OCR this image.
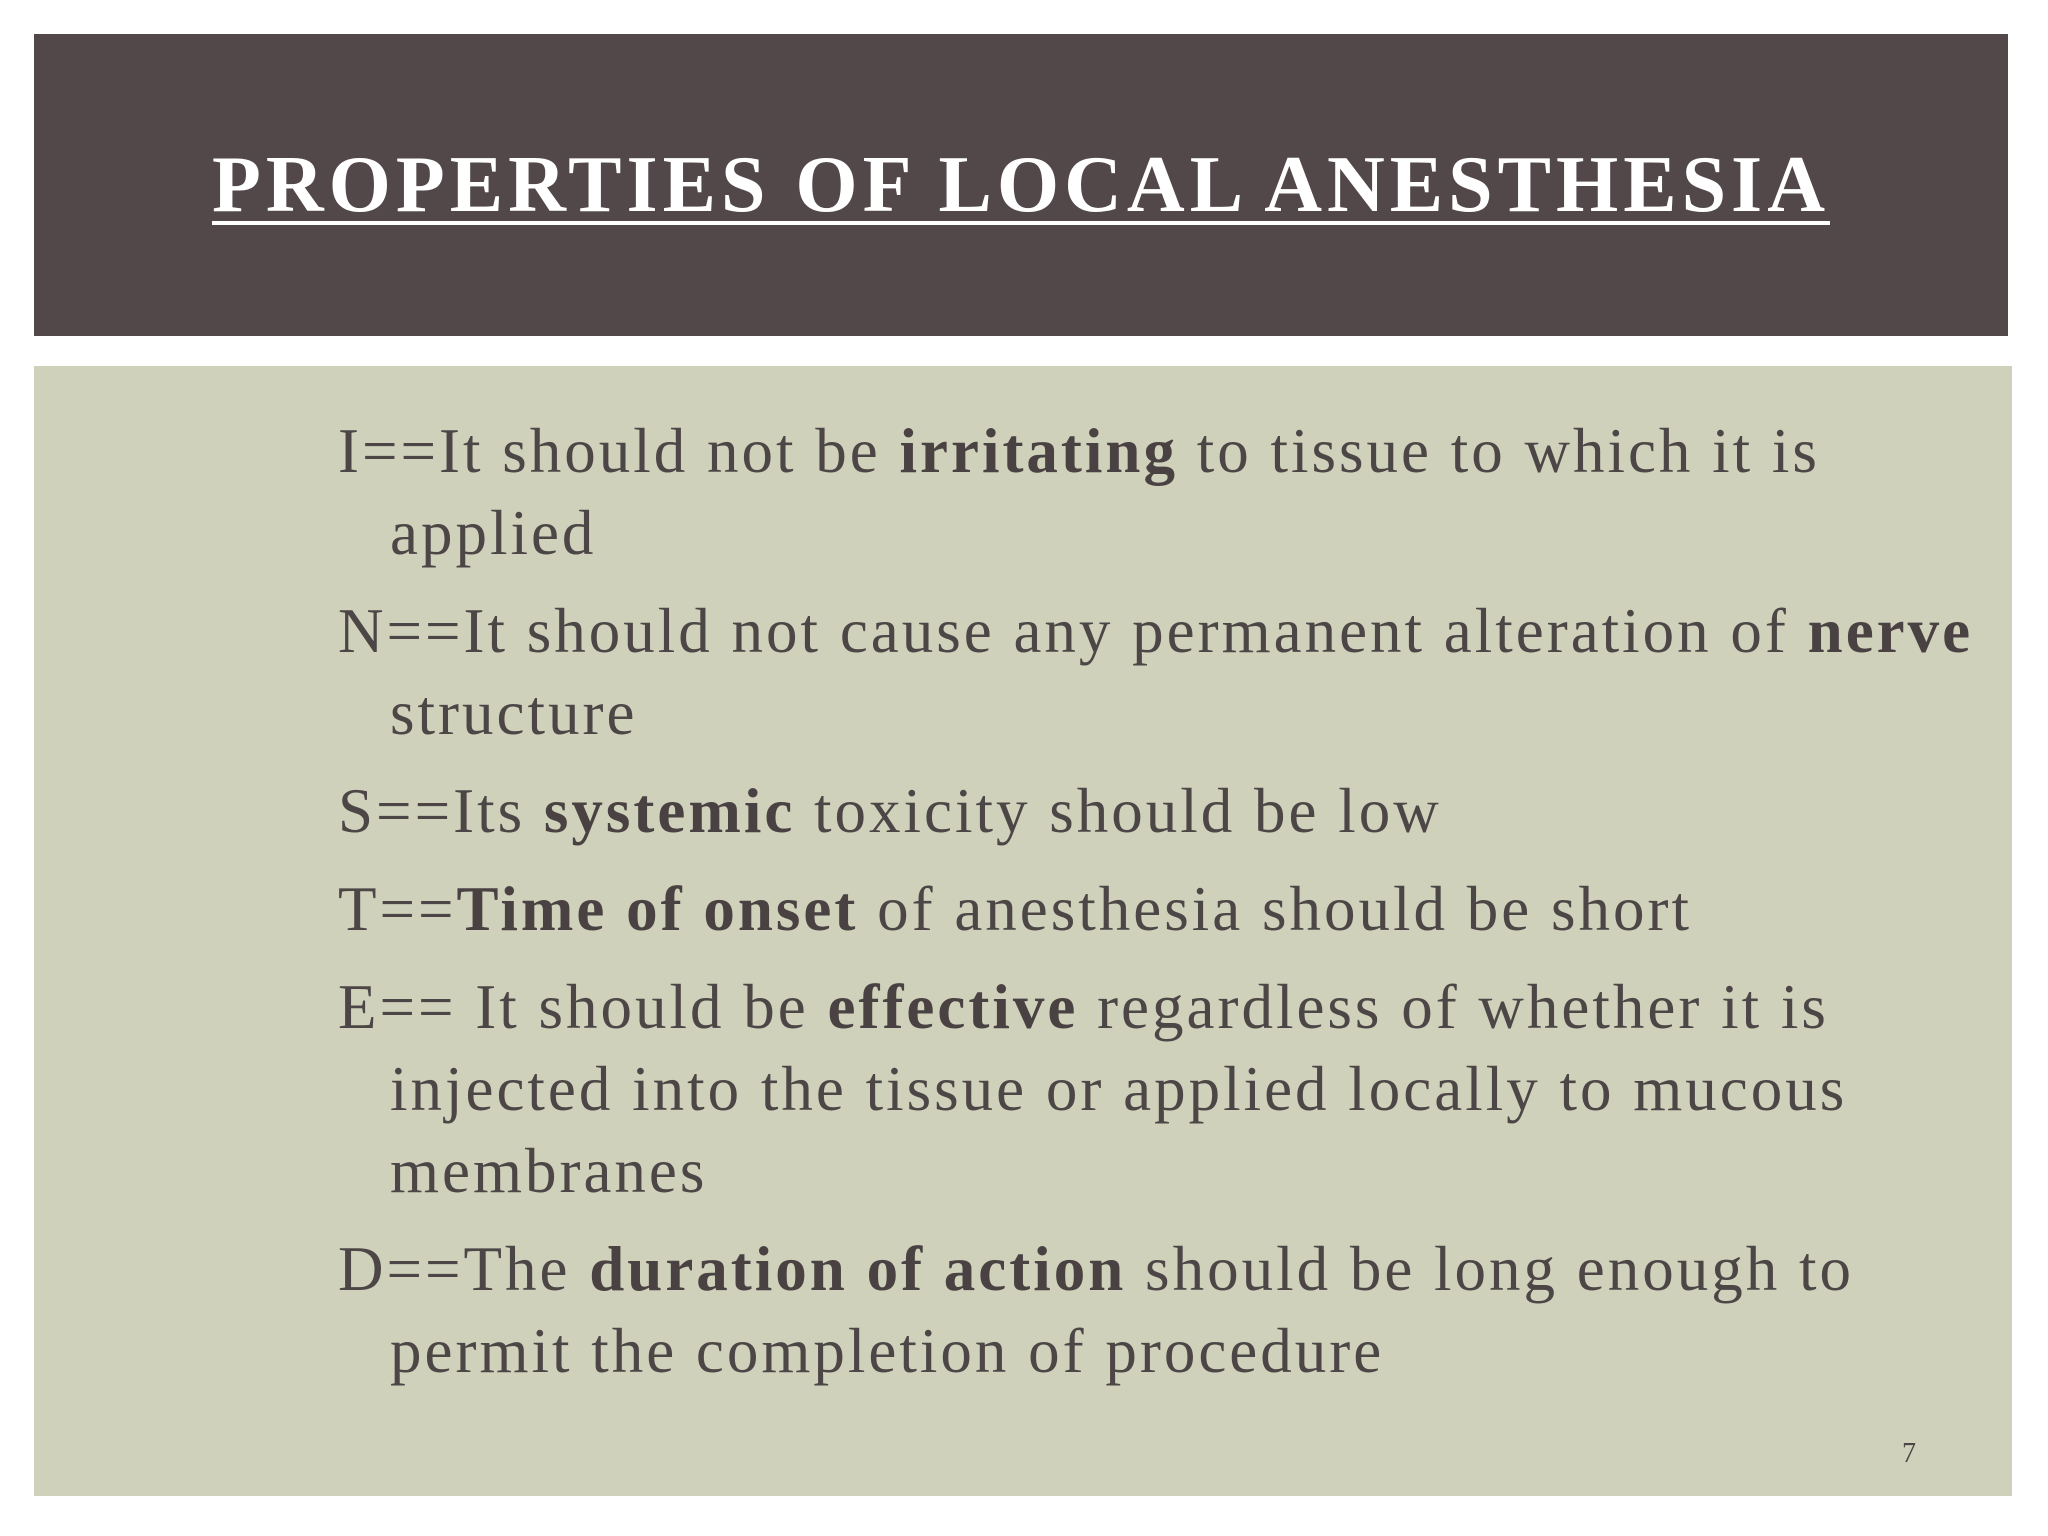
PROPERTIES OF LOCAL ANESTHESIA
I==It should not be irritating to tissue to which it is applied
N==It should not cause any permanent alteration of nerve structure
S==Its systemic toxicity should be low
T==Time of onset of anesthesia should be short
E== It should be effective regardless of whether it is injected into the tissue or applied locally to mucous membranes
D==The duration of action should be long enough to permit the completion of procedure
7
